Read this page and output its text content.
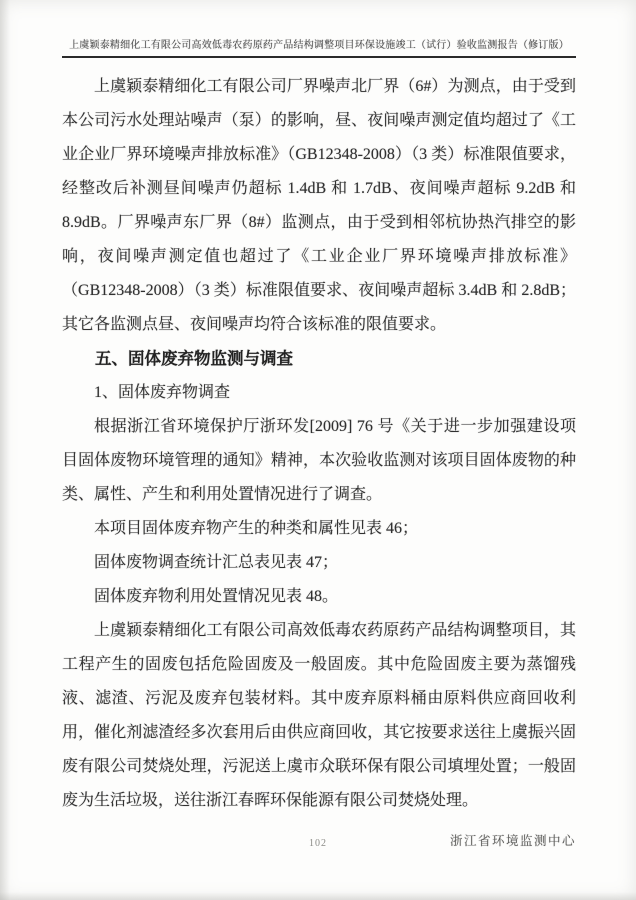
上虞颖泰精细化工有限公司高效低毒农药原药产品结构调整项目环保设施竣工（试行）验收监测报告（修订版）

上虞颖泰精细化工有限公司厂界噪声北厂界（6#）为测点，由于受到本公司污水处理站噪声（泵）的影响，昼、夜间噪声测定值均超过了《工业企业厂界环境噪声排放标准》（GB12348-2008）（3 类）标准限值要求，经整改后补测昼间噪声仍超标 1.4dB 和 1.7dB、夜间噪声超标 9.2dB 和 8.9dB。厂界噪声东厂界（8#）监测点，由于受到相邻杭协热汽排空的影响，夜间噪声测定值也超过了《工业企业厂界环境噪声排放标准》（GB12348-2008）（3 类）标准限值要求、夜间噪声超标 3.4dB 和 2.8dB；其它各监测点昼、夜间噪声均符合该标准的限值要求。

五、固体废弃物监测与调查

1、固体废弃物调查

根据浙江省环境保护厅浙环发[2009] 76 号《关于进一步加强建设项目固体废物环境管理的通知》精神，本次验收监测对该项目固体废物的种类、属性、产生和利用处置情况进行了调查。

本项目固体废弃物产生的种类和属性见表 46；

固体废物调查统计汇总表见表 47；

固体废弃物利用处置情况见表 48。

上虞颖泰精细化工有限公司高效低毒农药原药产品结构调整项目，其工程产生的固废包括危险固废及一般固废。其中危险固废主要为蒸馏残液、滤渣、污泥及废弃包装材料。其中废弃原料桶由原料供应商回收利用，催化剂滤渣经多次套用后由供应商回收，其它按要求送往上虞振兴固废有限公司焚烧处理，污泥送上虞市众联环保有限公司填埋处置；一般固废为生活垃圾，送往浙江春晖环保能源有限公司焚烧处理。

102	浙江省环境监测中心
